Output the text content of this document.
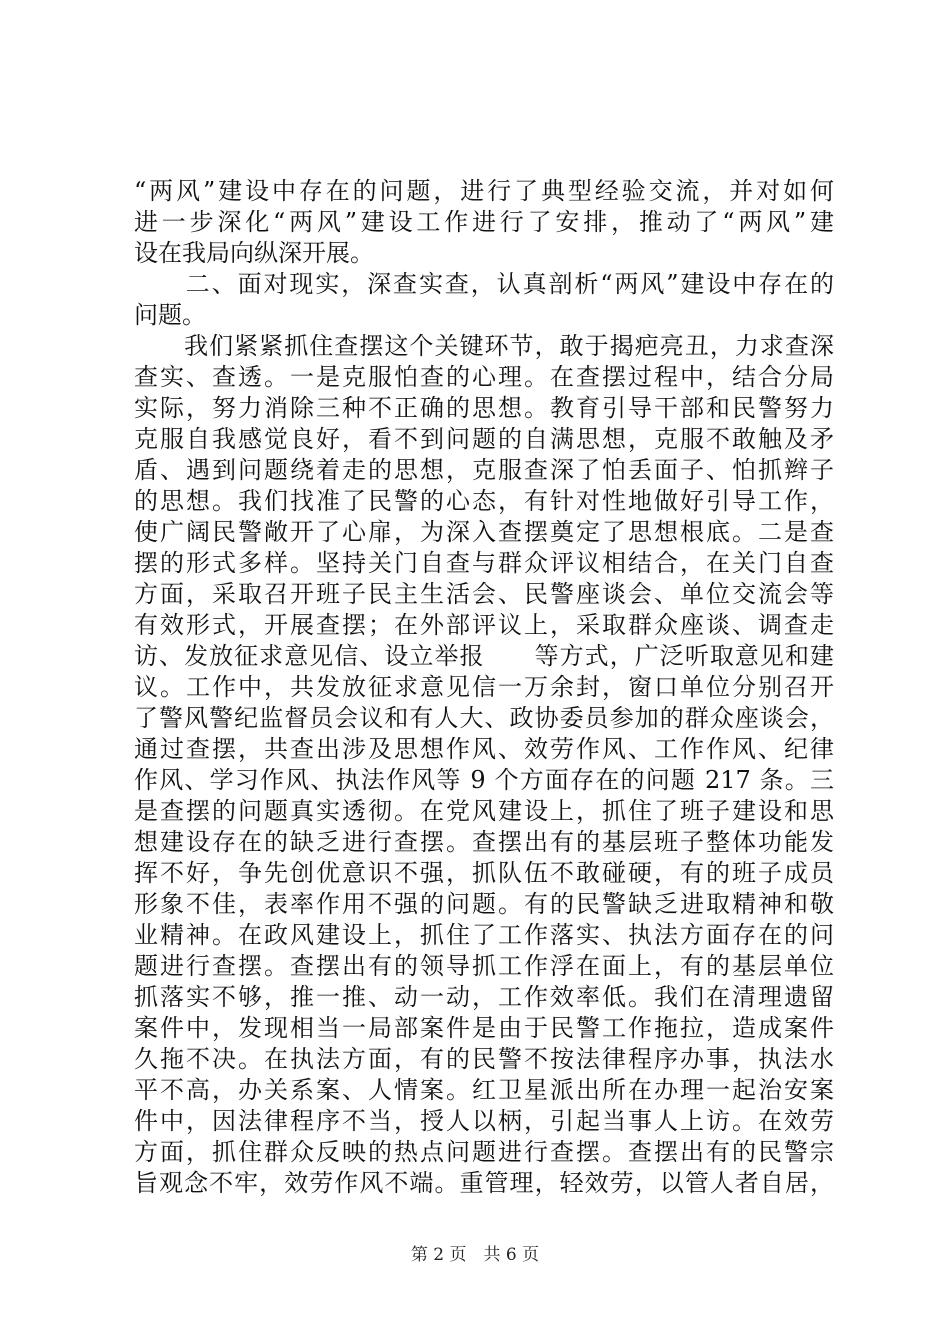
“两风”建设中存在的问题，进行了典型经验交流，并对如何
进一步深化“两风”建设工作进行了安排，推动了“两风”建
设在我局向纵深开展。
　　二、面对现实，深查实查，认真剖析“两风”建设中存在的
问题。
　　我们紧紧抓住查摆这个关键环节，敢于揭疤亮丑，力求查深
查实、查透。一是克服怕查的心理。在查摆过程中，结合分局
实际，努力消除三种不正确的思想。教育引导干部和民警努力
克服自我感觉良好，看不到问题的自满思想，克服不敢触及矛
盾、遇到问题绕着走的思想，克服查深了怕丢面子、怕抓辫子
的思想。我们找准了民警的心态，有针对性地做好引导工作，
使广阔民警敞开了心扉，为深入查摆奠定了思想根底。二是查
摆的形式多样。坚持关门自查与群众评议相结合，在关门自查
方面，采取召开班子民主生活会、民警座谈会、单位交流会等
有效形式，开展查摆；在外部评议上，采取群众座谈、调查走
访、发放征求意见信、设立举报　　等方式，广泛听取意见和建
议。工作中，共发放征求意见信一万余封，窗口单位分别召开
了警风警纪监督员会议和有人大、政协委员参加的群众座谈会，
通过查摆，共查出涉及思想作风、效劳作风、工作作风、纪律
作风、学习作风、执法作风等 9 个方面存在的问题 217 条。三
是查摆的问题真实透彻。在党风建设上，抓住了班子建设和思
想建设存在的缺乏进行查摆。查摆出有的基层班子整体功能发
挥不好，争先创优意识不强，抓队伍不敢碰硬，有的班子成员
形象不佳，表率作用不强的问题。有的民警缺乏进取精神和敬
业精神。在政风建设上，抓住了工作落实、执法方面存在的问
题进行查摆。查摆出有的领导抓工作浮在面上，有的基层单位
抓落实不够，推一推、动一动，工作效率低。我们在清理遗留
案件中，发现相当一局部案件是由于民警工作拖拉，造成案件
久拖不决。在执法方面，有的民警不按法律程序办事，执法水
平不高，办关系案、人情案。红卫星派出所在办理一起治安案
件中，因法律程序不当，授人以柄，引起当事人上访。在效劳
方面，抓住群众反映的热点问题进行查摆。查摆出有的民警宗
旨观念不牢，效劳作风不端。重管理，轻效劳，以管人者自居，
第 2 页　共 6 页
